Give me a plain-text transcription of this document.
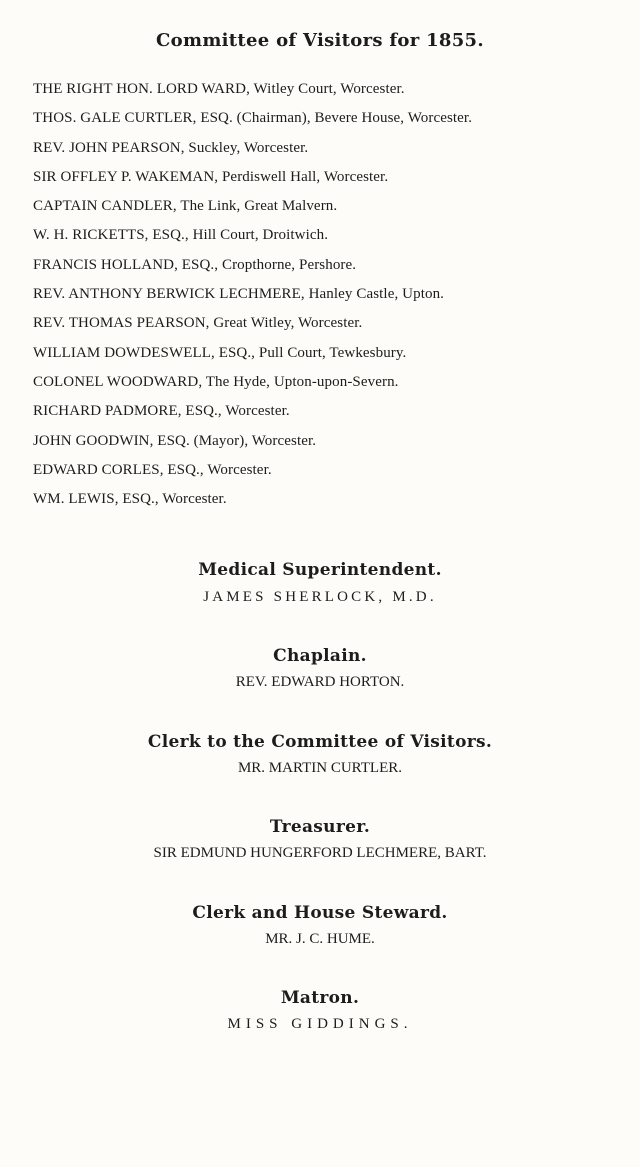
Committee of Visitors for 1855.
THE RIGHT HON. LORD WARD, Witley Court, Worcester.
THOS. GALE CURTLER, ESQ. (Chairman), Bevere House, Worcester.
REV. JOHN PEARSON, Suckley, Worcester.
SIR OFFLEY P. WAKEMAN, Perdiswell Hall, Worcester.
CAPTAIN CANDLER, The Link, Great Malvern.
W. H. RICKETTS, ESQ., Hill Court, Droitwich.
FRANCIS HOLLAND, ESQ., Cropthorne, Pershore.
REV. ANTHONY BERWICK LECHMERE, Hanley Castle, Upton.
REV. THOMAS PEARSON, Great Witley, Worcester.
WILLIAM DOWDESWELL, ESQ., Pull Court, Tewkesbury.
COLONEL WOODWARD, The Hyde, Upton-upon-Severn.
RICHARD PADMORE, ESQ., Worcester.
JOHN GOODWIN, ESQ. (Mayor), Worcester.
EDWARD CORLES, ESQ., Worcester.
WM. LEWIS, ESQ., Worcester.
Medical Superintendent.
JAMES SHERLOCK, M.D.
Chaplain.
REV. EDWARD HORTON.
Clerk to the Committee of Visitors.
MR. MARTIN CURTLER.
Treasurer.
SIR EDMUND HUNGERFORD LECHMERE, BART.
Clerk and House Steward.
MR. J. C. HUME.
Matron.
MISS GIDDINGS.
